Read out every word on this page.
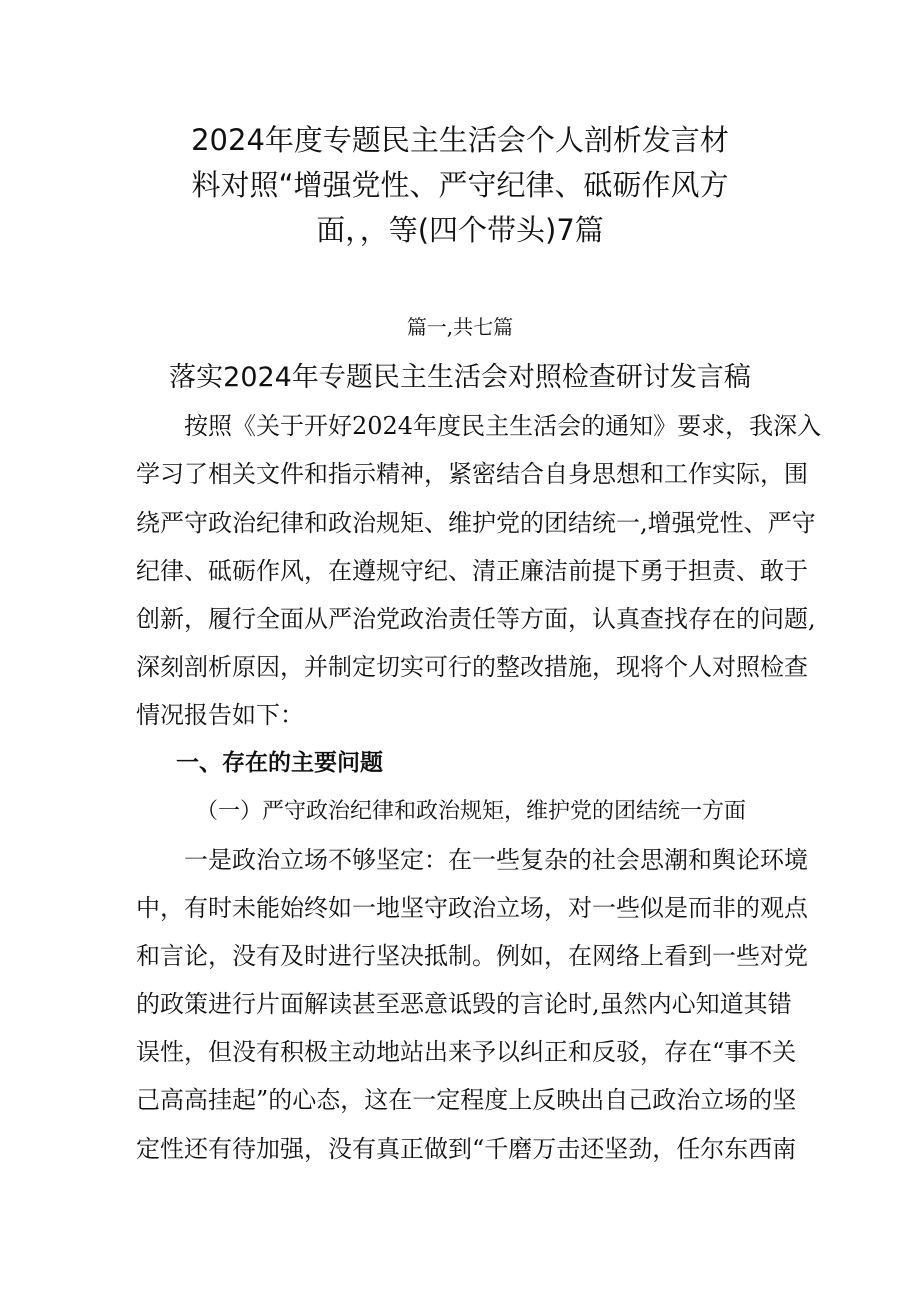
2024年度专题民主生活会个人剖析发言材
料对照“增强党性、严守纪律、砥砺作风方
面，，等(四个带头)7篇
篇一,共七篇
落实2024年专题民主生活会对照检查研讨发言稿
按照《关于开好2024年度民主生活会的通知》要求，我深入
学习了相关文件和指示精神，紧密结合自身思想和工作实际，围
绕严守政治纪律和政治规矩、维护党的团结统一,增强党性、严守
纪律、砥砺作风，在遵规守纪、清正廉洁前提下勇于担责、敢于
创新，履行全面从严治党政治责任等方面，认真查找存在的问题,
深刻剖析原因，并制定切实可行的整改措施，现将个人对照检查
情况报告如下：
一、存在的主要问题
（一）严守政治纪律和政治规矩，维护党的团结统一方面
一是政治立场不够坚定：在一些复杂的社会思潮和舆论环境
中，有时未能始终如一地坚守政治立场，对一些似是而非的观点
和言论，没有及时进行坚决抵制。例如，在网络上看到一些对党
的政策进行片面解读甚至恶意诋毁的言论时,虽然内心知道其错
误性，但没有积极主动地站出来予以纠正和反驳，存在“事不关
己高高挂起”的心态，这在一定程度上反映出自己政治立场的坚
定性还有待加强，没有真正做到“千磨万击还坚劲，任尔东西南
